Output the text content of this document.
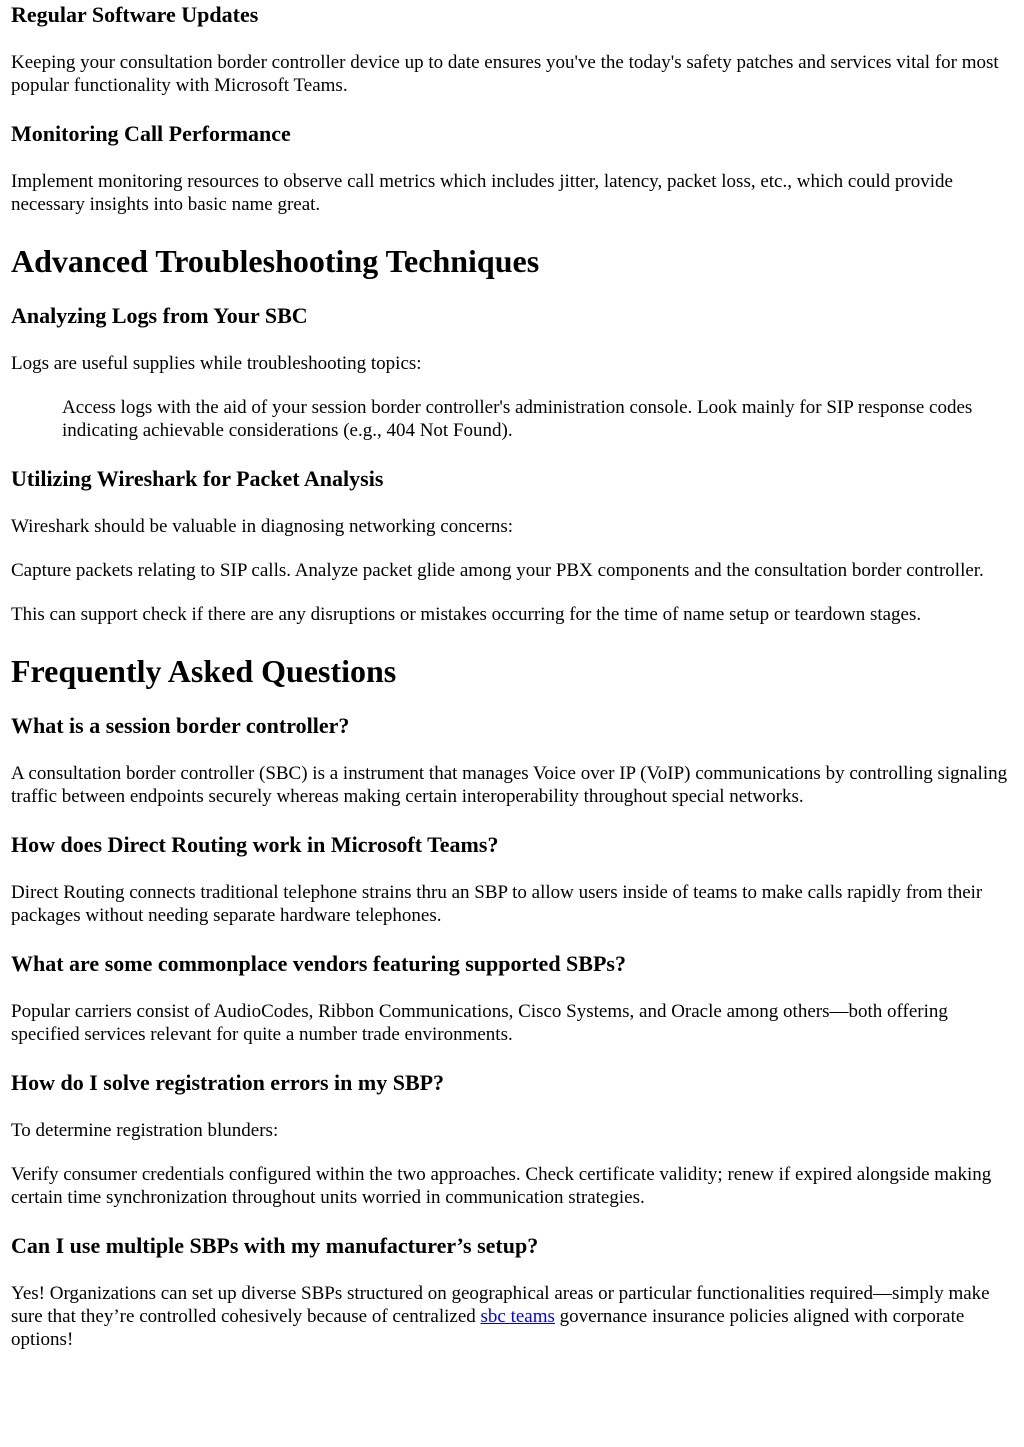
Regular Software Updates

Keeping your consultation border controller device up to date ensures you've the today's safety patches and services vital for most popular functionality with Microsoft Teams.

Monitoring Call Performance

Implement monitoring resources to observe call metrics which includes jitter, latency, packet loss, etc., which could provide necessary insights into basic name great.

Advanced Troubleshooting Techniques
Analyzing Logs from Your SBC

Logs are useful supplies while troubleshooting topics:

Access logs with the aid of your session border controller's administration console. Look mainly for SIP response codes indicating achievable considerations (e.g., 404 Not Found).
Utilizing Wireshark for Packet Analysis

Wireshark should be valuable in diagnosing networking concerns:

Capture packets relating to SIP calls. Analyze packet glide among your PBX components and the consultation border controller.

This can support check if there are any disruptions or mistakes occurring for the time of name setup or teardown stages.

Frequently Asked Questions
What is a session border controller?

A consultation border controller (SBC) is a instrument that manages Voice over IP (VoIP) communications by controlling signaling traffic between endpoints securely whereas making certain interoperability throughout special networks.

How does Direct Routing work in Microsoft Teams?

Direct Routing connects traditional telephone strains thru an SBP to allow users inside of teams to make calls rapidly from their packages without needing separate hardware telephones.

What are some commonplace vendors featuring supported SBPs?

Popular carriers consist of AudioCodes, Ribbon Communications, Cisco Systems, and Oracle among others—both offering specified services relevant for quite a number trade environments.

How do I solve registration errors in my SBP?

To determine registration blunders:

Verify consumer credentials configured within the two approaches. Check certificate validity; renew if expired alongside making certain time synchronization throughout units worried in communication strategies.

Can I use multiple SBPs with my manufacturer’s setup?

Yes! Organizations can set up diverse SBPs structured on geographical areas or particular functionalities required—simply make sure that they’re controlled cohesively because of centralized sbc teams governance insurance policies aligned with corporate options!
